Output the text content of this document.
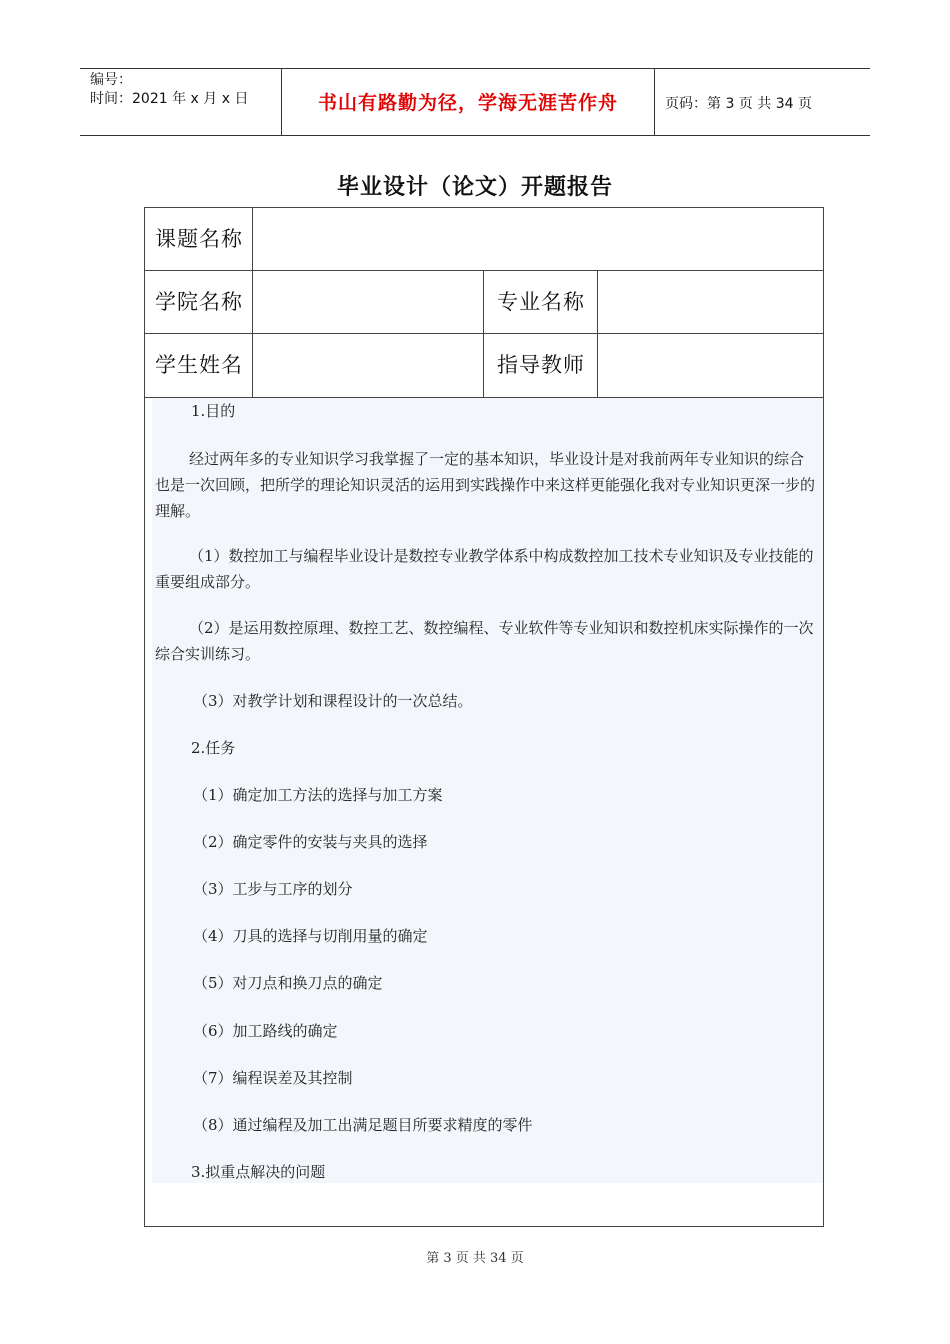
编号：
时间：2021 年 x 月 x 日	书山有路勤为径，学海无涯苦作舟	页码：第 3 页 共 34 页
毕业设计（论文）开题报告
课题名称
学院名称	专业名称
学生姓名	指导教师
1.目的
经过两年多的专业知识学习我掌握了一定的基本知识，毕业设计是对我前两年专业知识的综合也是一次回顾，把所学的理论知识灵活的运用到实践操作中来这样更能强化我对专业知识更深一步的理解。
（1）数控加工与编程毕业设计是数控专业教学体系中构成数控加工技术专业知识及专业技能的重要组成部分。
（2）是运用数控原理、数控工艺、数控编程、专业软件等专业知识和数控机床实际操作的一次综合实训练习。
（3）对教学计划和课程设计的一次总结。
2.任务
（1）确定加工方法的选择与加工方案
（2）确定零件的安装与夹具的选择
（3）工步与工序的划分
（4）刀具的选择与切削用量的确定
（5）对刀点和换刀点的确定
（6）加工路线的确定
（7）编程误差及其控制
（8）通过编程及加工出满足题目所要求精度的零件
3.拟重点解决的问题
第 3 页 共 34 页
